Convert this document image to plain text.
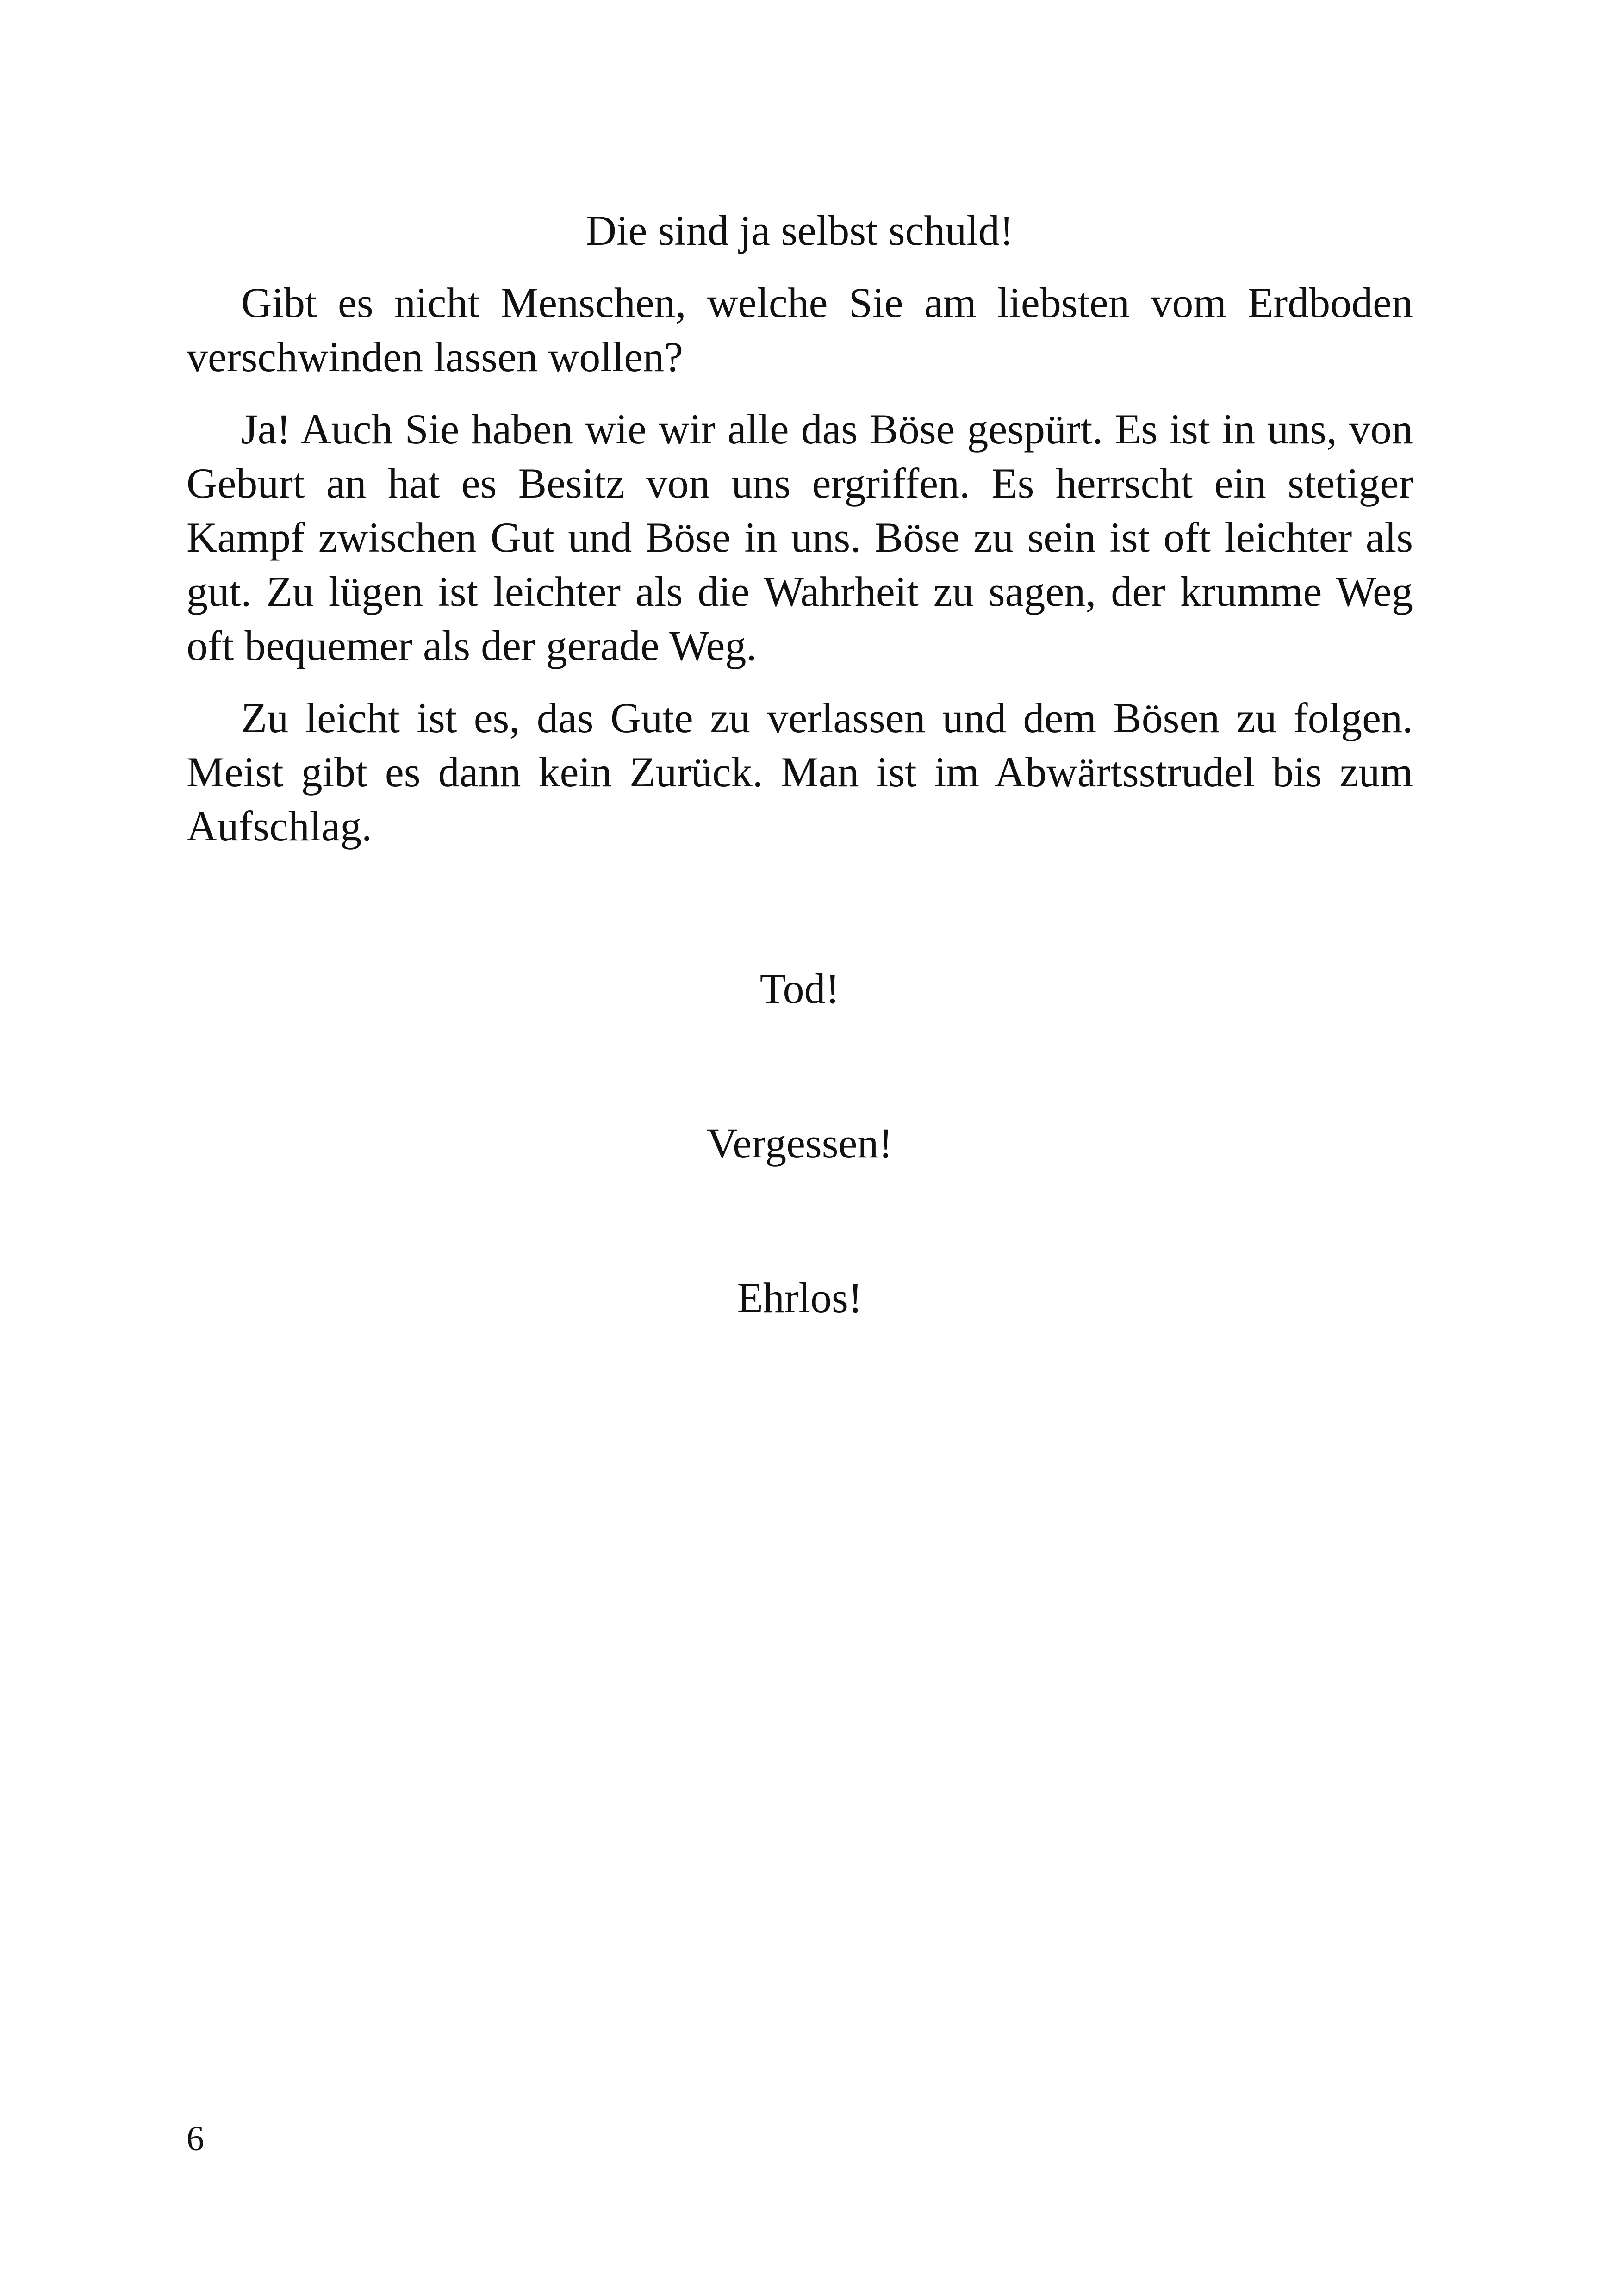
Die sind ja selbst schuld!

Gibt es nicht Menschen, welche Sie am liebsten vom Erdboden verschwinden lassen wollen?

Ja! Auch Sie haben wie wir alle das Böse gespürt. Es ist in uns, von Geburt an hat es Besitz von uns ergriffen. Es herrscht ein stetiger Kampf zwischen Gut und Böse in uns. Böse zu sein ist oft leichter als gut. Zu lügen ist leichter als die Wahrheit zu sagen, der krumme Weg oft bequemer als der gerade Weg.

Zu leicht ist es, das Gute zu verlassen und dem Bösen zu folgen. Meist gibt es dann kein Zurück. Man ist im Abwärtsstrudel bis zum Aufschlag.

Tod!

Vergessen!

Ehrlos!

6
